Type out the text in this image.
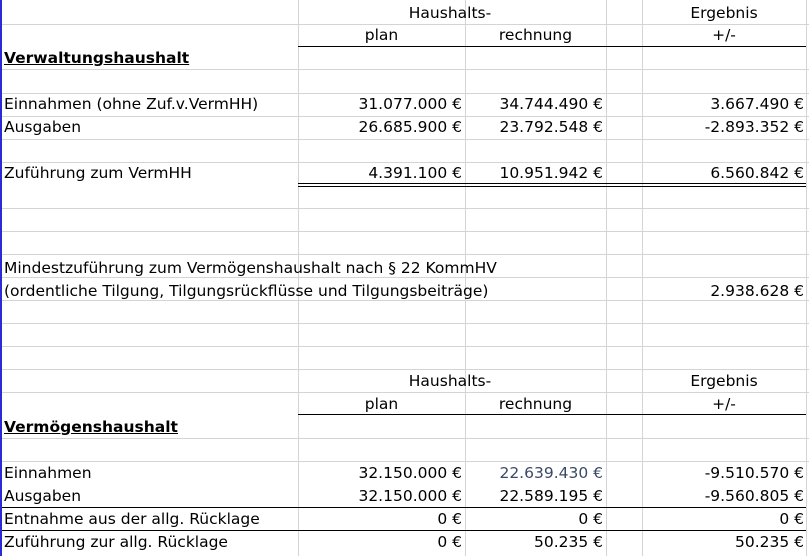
Haushalts-	Ergebnis
plan	rechnung	+/-
Verwaltungshaushalt
Einnahmen (ohne Zuf.v.VermHH)	31.077.000 €	34.744.490 €	3.667.490 €
Ausgaben	26.685.900 €	23.792.548 €	-2.893.352 €
Zuführung zum VermHH	4.391.100 €	10.951.942 €	6.560.842 €
Mindestzuführung zum Vermögenshaushalt nach § 22 KommHV
(ordentliche Tilgung, Tilgungsrückflüsse und Tilgungsbeiträge)	2.938.628 €
Haushalts-	Ergebnis
plan	rechnung	+/-
Vermögenshaushalt
Einnahmen	32.150.000 €	22.639.430 €	-9.510.570 €
Ausgaben	32.150.000 €	22.589.195 €	-9.560.805 €
Entnahme aus der allg. Rücklage	0 €	0 €	0 €
Zuführung zur allg. Rücklage	0 €	50.235 €	50.235 €
